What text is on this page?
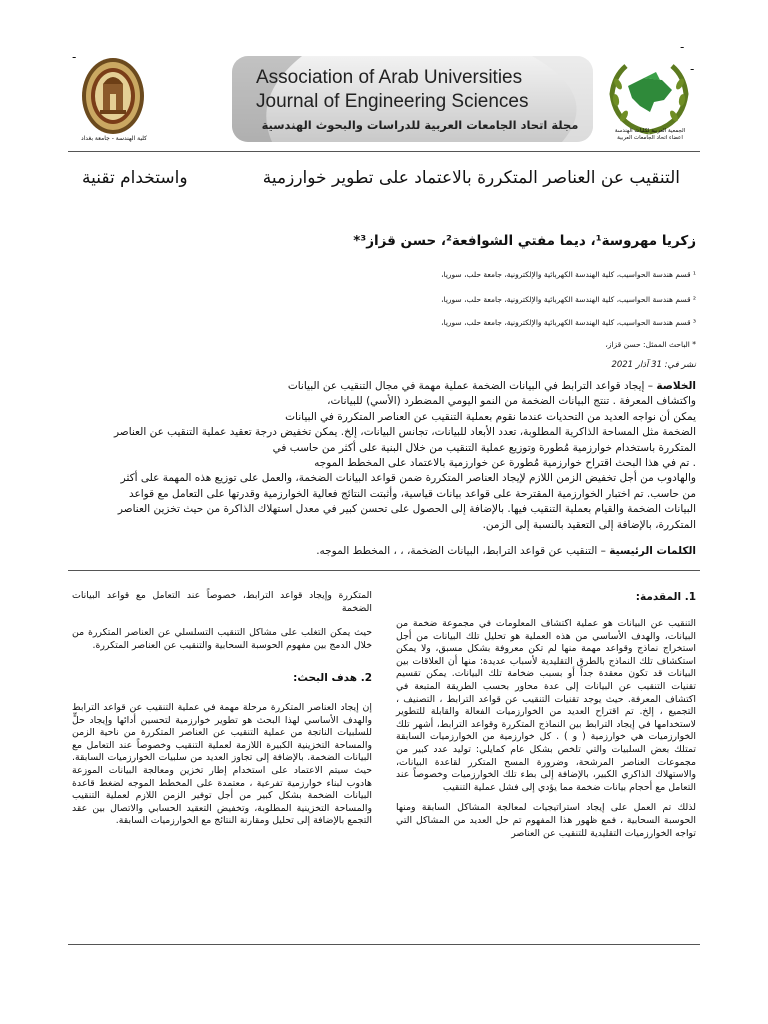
-
-
-
كلية الهندسة - جامعة بغداد
Association of Arab Universities
Journal of Engineering Sciences
مجلة اتحاد الجامعات العربية للدراسات والبحوث الهندسية	الجمعية العربية لكليات الهندسة
اعضاء اتحاد الجامعات العربية
التنقيب عن العناصر المتكررة بالاعتماد على تطوير خوارزمية
واستخدام تقنية
زكريا مهروسة¹، ديما مفتي الشوافعة²، حسن قزاز³*
¹ قسم هندسة الحواسيب، كلية الهندسة الكهربائية والإلكترونية، جامعة حلب، سوريا،
² قسم هندسة الحواسيب، كلية الهندسة الكهربائية والإلكترونية، جامعة حلب، سوريا،
³ قسم هندسة الحواسيب، كلية الهندسة الكهربائية والإلكترونية، جامعة حلب، سوريا،
* الباحث الممثل: حسن قزاز،
نشر في: 31 آذار 2021

الخلاصة – إيجاد قواعد الترابط في البيانات الضخمة عملية مهمة في مجال التنقيب عن البيانات

واكتشاف المعرفة . تنتج البيانات الضخمة من النمو اليومي المضطرد (الأسي) للبيانات،

يمكن أن نواجه العديد من التحديات عندما نقوم بعملية التنقيب عن العناصر المتكررة في البيانات

الضخمة مثل المساحة الذاكرية المطلوبة، تعدد الأبعاد للبيانات، تجانس البيانات، إلخ. يمكن تخفيض درجة تعقيد عملية التنقيب عن العناصر

المتكررة باستخدام خوارزمية مُطورة وتوزيع عملية التنقيب من خلال البنية على أكثر من حاسب في

. تم في هذا البحث اقتراح خوارزمية مُطورة عن خوارزمية بالاعتماد على المخطط الموجه

والهادوب من أجل تخفيض الزمن اللازم لإيجاد العناصر المتكررة ضمن قواعد البيانات الضخمة، والعمل على توزيع هذه المهمة على أكثر

من حاسب. تم اختبار الخوارزمية المقترحة على قواعد بيانات قياسية، وأثبتت النتائج فعالية الخوارزمية وقدرتها على التعامل مع قواعد

البيانات الضخمة والقيام بعملية التنقيب فيها. بالإضافة إلى الحصول على تحسن كبير في معدل استهلاك الذاكرة من حيث تخزين العناصر

المتكررة، بالإضافة إلى التعقيد بالنسبة إلى الزمن.

الكلمات الرئيسية – التنقيب عن قواعد الترابط، البيانات الضخمة، ، ، المخطط الموجه.
1. المقدمة:

التنقيب عن البيانات هو عملية اكتشاف المعلومات في مجموعة ضخمة من البيانات، والهدف الأساسي من هذه العملية هو تحليل تلك البيانات من أجل استخراج نماذج وقواعد مهمة منها لم تكن معروفة بشكل مسبق، ولا يمكن استكشاف تلك النماذج بالطرق التقليدية لأسباب عديدة: منها أن العلاقات بين البيانات قد تكون معقدة جداً أو بسبب ضخامة تلك البيانات. يمكن تقسيم تقنيات التنقيب عن البيانات إلى عدة محاور بحسب الطريقة المتبعة في اكتشاف المعرفة. حيث يوجد تقنيات التنقيب عن قواعد الترابط ، التصنيف ، التجميع ، إلخ. تم اقتراح العديد من الخوارزميات الفعالة والقابلة للتطوير لاستخدامها في إيجاد الترابط بين النماذج المتكررة وقواعد الترابط، أشهر تلك الخوارزميات هي خوارزمية ( و ) . كل خوارزمية من الخوارزميات السابقة تمتلك بعض السلبيات والتي تلخص بشكل عام كمايلي: توليد عدد كبير من مجموعات العناصر المرشحة، وضرورة المسح المتكرر لقاعدة البيانات، والاستهلاك الذاكري الكبير، بالإضافة إلى بطء تلك الخوارزميات وخصوصاً عند التعامل مع أحجام بيانات ضخمة مما يؤدي إلى فشل عملية التنقيب

لذلك تم العمل على إيجاد استراتيجيات لمعالجة المشاكل السابقة ومنها الحوسبة السحابية ، فمع ظهور هذا المفهوم تم حل العديد من المشاكل التي تواجه الخوارزميات التقليدية للتنقيب عن العناصر

المتكررة وإيجاد قواعد الترابط، خصوصاً عند التعامل مع قواعد البيانات الضخمة

حيث يمكن التغلب على مشاكل التنقيب التسلسلي عن العناصر المتكررة من خلال الدمج بين مفهوم الحوسبة السحابية والتنقيب عن العناصر المتكررة.

2. هدف البحث:

إن إيجاد العناصر المتكررة مرحلة مهمة في عملية التنقيب عن قواعد الترابط والهدف الأساسي لهذا البحث هو تطوير خوارزمية لتحسين أدائها وإيجاد حلٍّ للسلبيات الناتجة من عملية التنقيب عن العناصر المتكررة من ناحية الزمن والمساحة التخزينية الكبيرة اللازمة لعملية التنقيب وخصوصاً عند التعامل مع البيانات الضخمة. بالإضافة إلى تجاوز العديد من سلبيات الخوارزميات السابقة. حيث سيتم الاعتماد على استخدام إطار تخزين ومعالجة البيانات الموزعة هادوب لبناء خوارزمية تفرعية ، معتمدة على المخطط الموجه لضغط قاعدة البيانات الضخمة بشكل كبير من أجل توفير الزمن اللازم لعملية التنقيب والمساحة التخزينية المطلوبة، وتخفيض التعقيد الحسابي والاتصال بين عقد التجمع بالإضافة إلى تحليل ومقارنة النتائج مع الخوارزميات السابقة.
